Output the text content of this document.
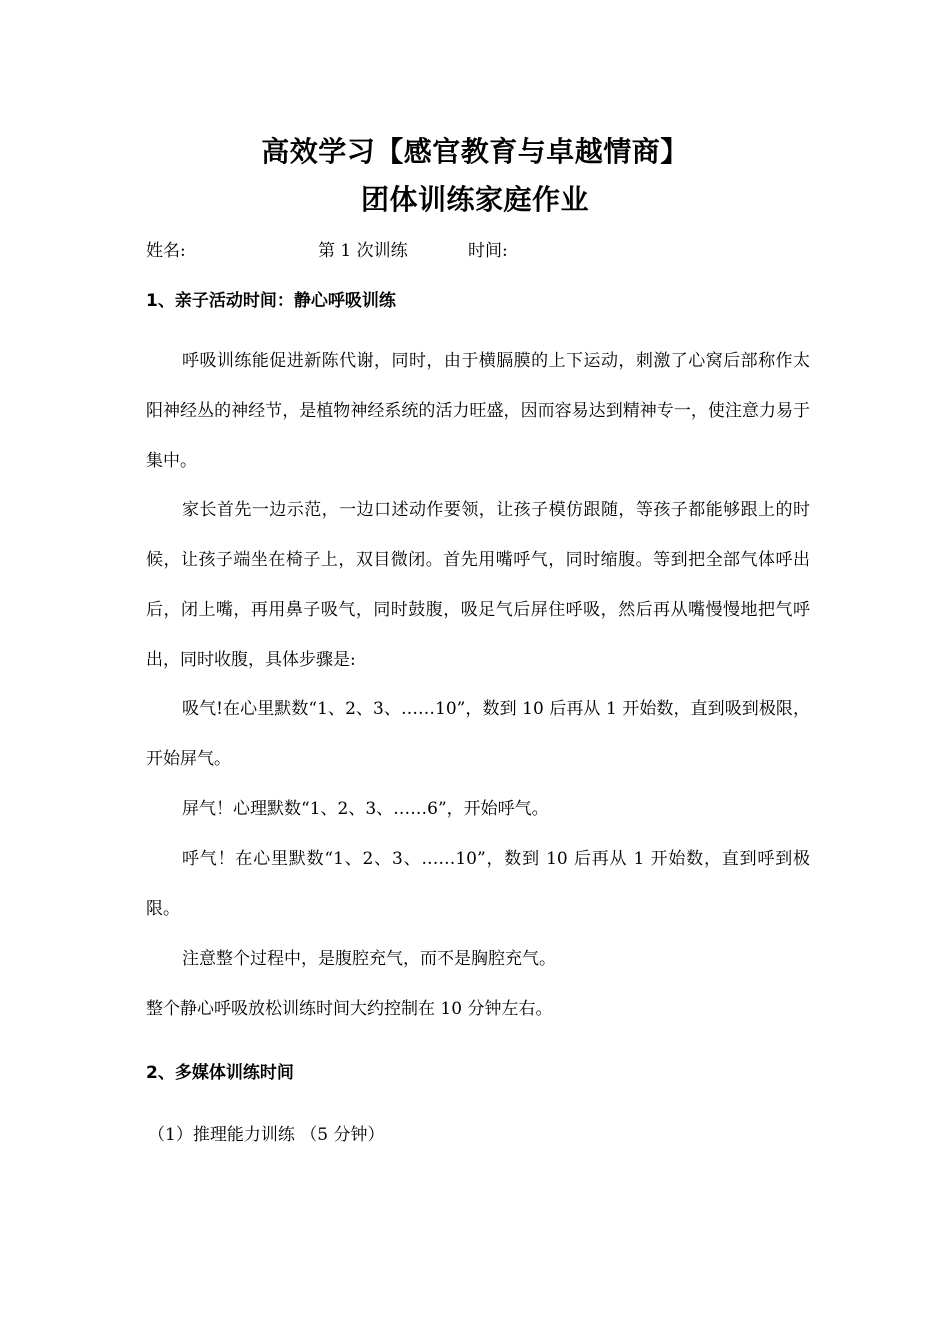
高效学习【感官教育与卓越情商】
团体训练家庭作业
姓名:	第 1 次训练	时间:
1、亲子活动时间：静心呼吸训练
呼吸训练能促进新陈代谢，同时，由于横膈膜的上下运动，刺激了心窝后部称作太阳神经丛的神经节，是植物神经系统的活力旺盛，因而容易达到精神专一，使注意力易于集中。
家长首先一边示范，一边口述动作要领，让孩子模仿跟随，等孩子都能够跟上的时候，让孩子端坐在椅子上，双目微闭。首先用嘴呼气，同时缩腹。等到把全部气体呼出后，闭上嘴，再用鼻子吸气，同时鼓腹，吸足气后屏住呼吸，然后再从嘴慢慢地把气呼出，同时收腹，具体步骤是:
吸气!在心里默数“1、2、3、……10”，数到 10 后再从 1 开始数，直到吸到极限，开始屏气。
屏气！心理默数“1、2、3、……6”，开始呼气。
呼气！在心里默数“1、2、3、……10”，数到 10 后再从 1 开始数，直到呼到极限。
注意整个过程中，是腹腔充气，而不是胸腔充气。
整个静心呼吸放松训练时间大约控制在 10 分钟左右。
2、多媒体训练时间
（1）推理能力训练 （5 分钟）
